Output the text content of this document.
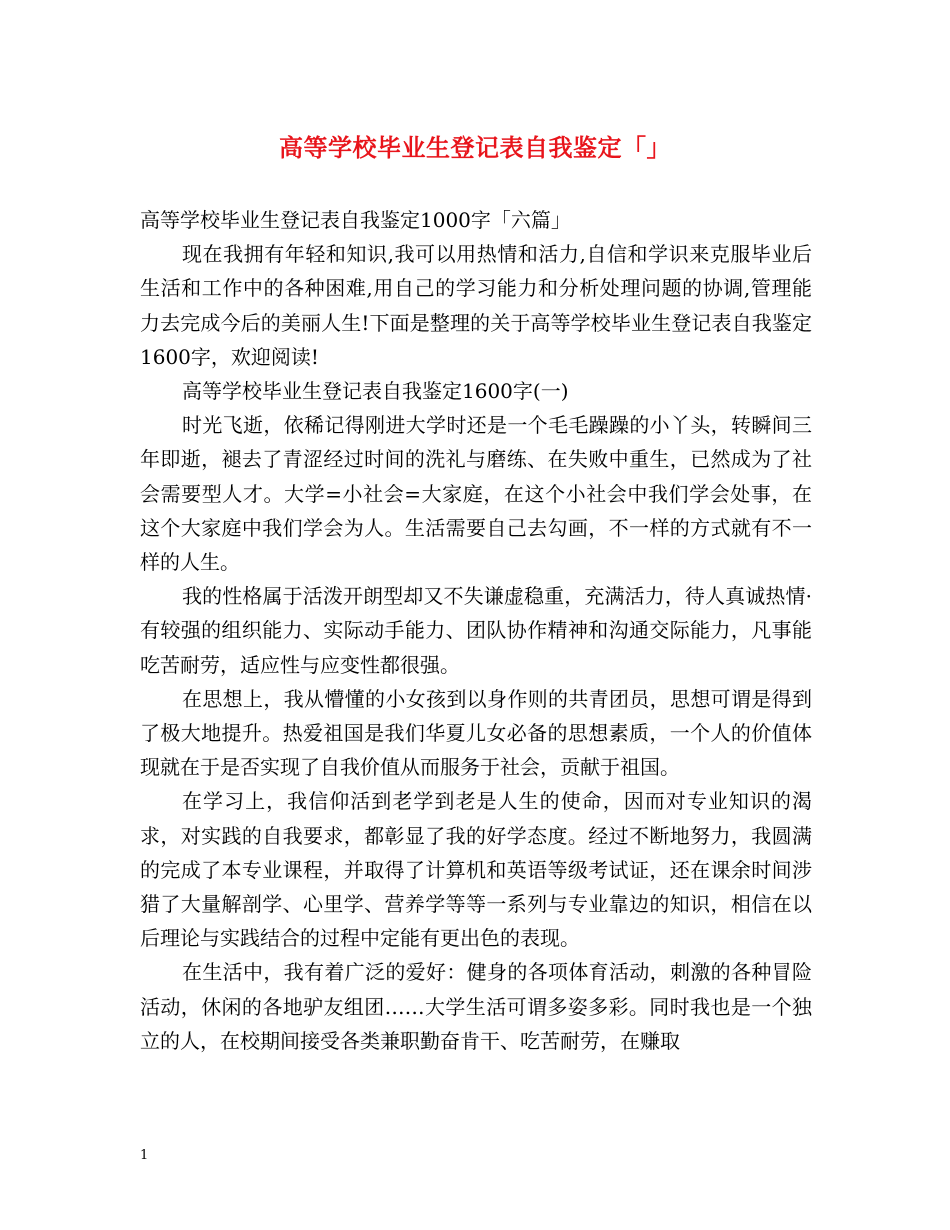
高等学校毕业生登记表自我鉴定「」

高等学校毕业生登记表自我鉴定1000字「六篇」

现在我拥有年轻和知识,我可以用热情和活力,自信和学识来克服毕业后生活和工作中的各种困难,用自己的学习能力和分析处理问题的协调,管理能力去完成今后的美丽人生!下面是整理的关于高等学校毕业生登记表自我鉴定1600字，欢迎阅读!

高等学校毕业生登记表自我鉴定1600字(一)

时光飞逝，依稀记得刚进大学时还是一个毛毛躁躁的小丫头，转瞬间三年即逝，褪去了青涩经过时间的洗礼与磨练、在失败中重生，已然成为了社会需要型人才。大学=小社会=大家庭，在这个小社会中我们学会处事，在这个大家庭中我们学会为人。生活需要自己去勾画，不一样的方式就有不一样的人生。

我的性格属于活泼开朗型却又不失谦虚稳重，充满活力，待人真诚热情·有较强的组织能力、实际动手能力、团队协作精神和沟通交际能力，凡事能吃苦耐劳，适应性与应变性都很强。

在思想上，我从懵懂的小女孩到以身作则的共青团员，思想可谓是得到了极大地提升。热爱祖国是我们华夏儿女必备的思想素质，一个人的价值体现就在于是否实现了自我价值从而服务于社会，贡献于祖国。

在学习上，我信仰活到老学到老是人生的使命，因而对专业知识的渴求，对实践的自我要求，都彰显了我的好学态度。经过不断地努力，我圆满的完成了本专业课程，并取得了计算机和英语等级考试证，还在课余时间涉猎了大量解剖学、心里学、营养学等等一系列与专业靠边的知识，相信在以后理论与实践结合的过程中定能有更出色的表现。

在生活中，我有着广泛的爱好：健身的各项体育活动，刺激的各种冒险活动，休闲的各地驴友组团……大学生活可谓多姿多彩。同时我也是一个独立的人，在校期间接受各类兼职勤奋肯干、吃苦耐劳，在赚取

1
